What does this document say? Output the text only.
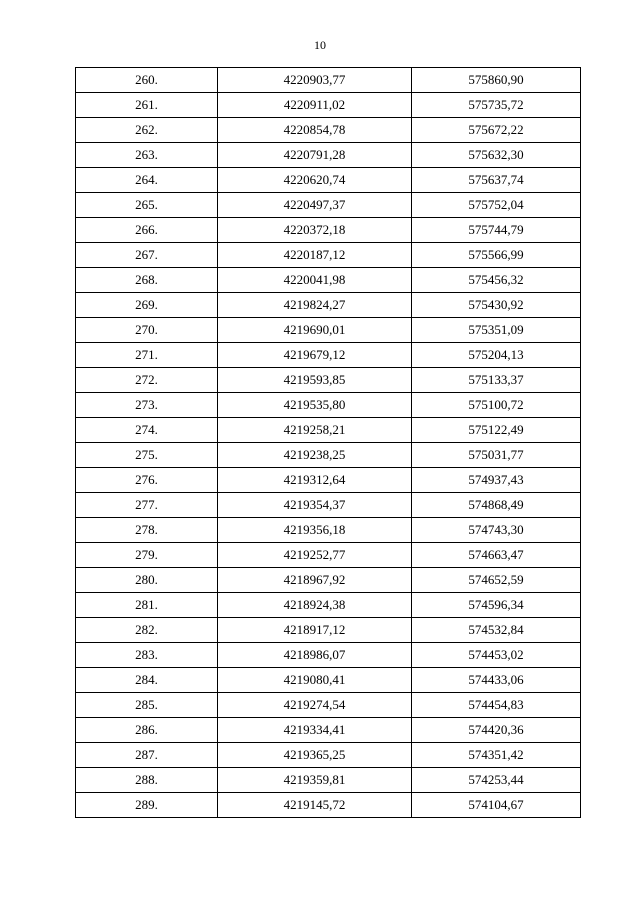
10
260.	4220903,77	575860,90
261.	4220911,02	575735,72
262.	4220854,78	575672,22
263.	4220791,28	575632,30
264.	4220620,74	575637,74
265.	4220497,37	575752,04
266.	4220372,18	575744,79
267.	4220187,12	575566,99
268.	4220041,98	575456,32
269.	4219824,27	575430,92
270.	4219690,01	575351,09
271.	4219679,12	575204,13
272.	4219593,85	575133,37
273.	4219535,80	575100,72
274.	4219258,21	575122,49
275.	4219238,25	575031,77
276.	4219312,64	574937,43
277.	4219354,37	574868,49
278.	4219356,18	574743,30
279.	4219252,77	574663,47
280.	4218967,92	574652,59
281.	4218924,38	574596,34
282.	4218917,12	574532,84
283.	4218986,07	574453,02
284.	4219080,41	574433,06
285.	4219274,54	574454,83
286.	4219334,41	574420,36
287.	4219365,25	574351,42
288.	4219359,81	574253,44
289.	4219145,72	574104,67
